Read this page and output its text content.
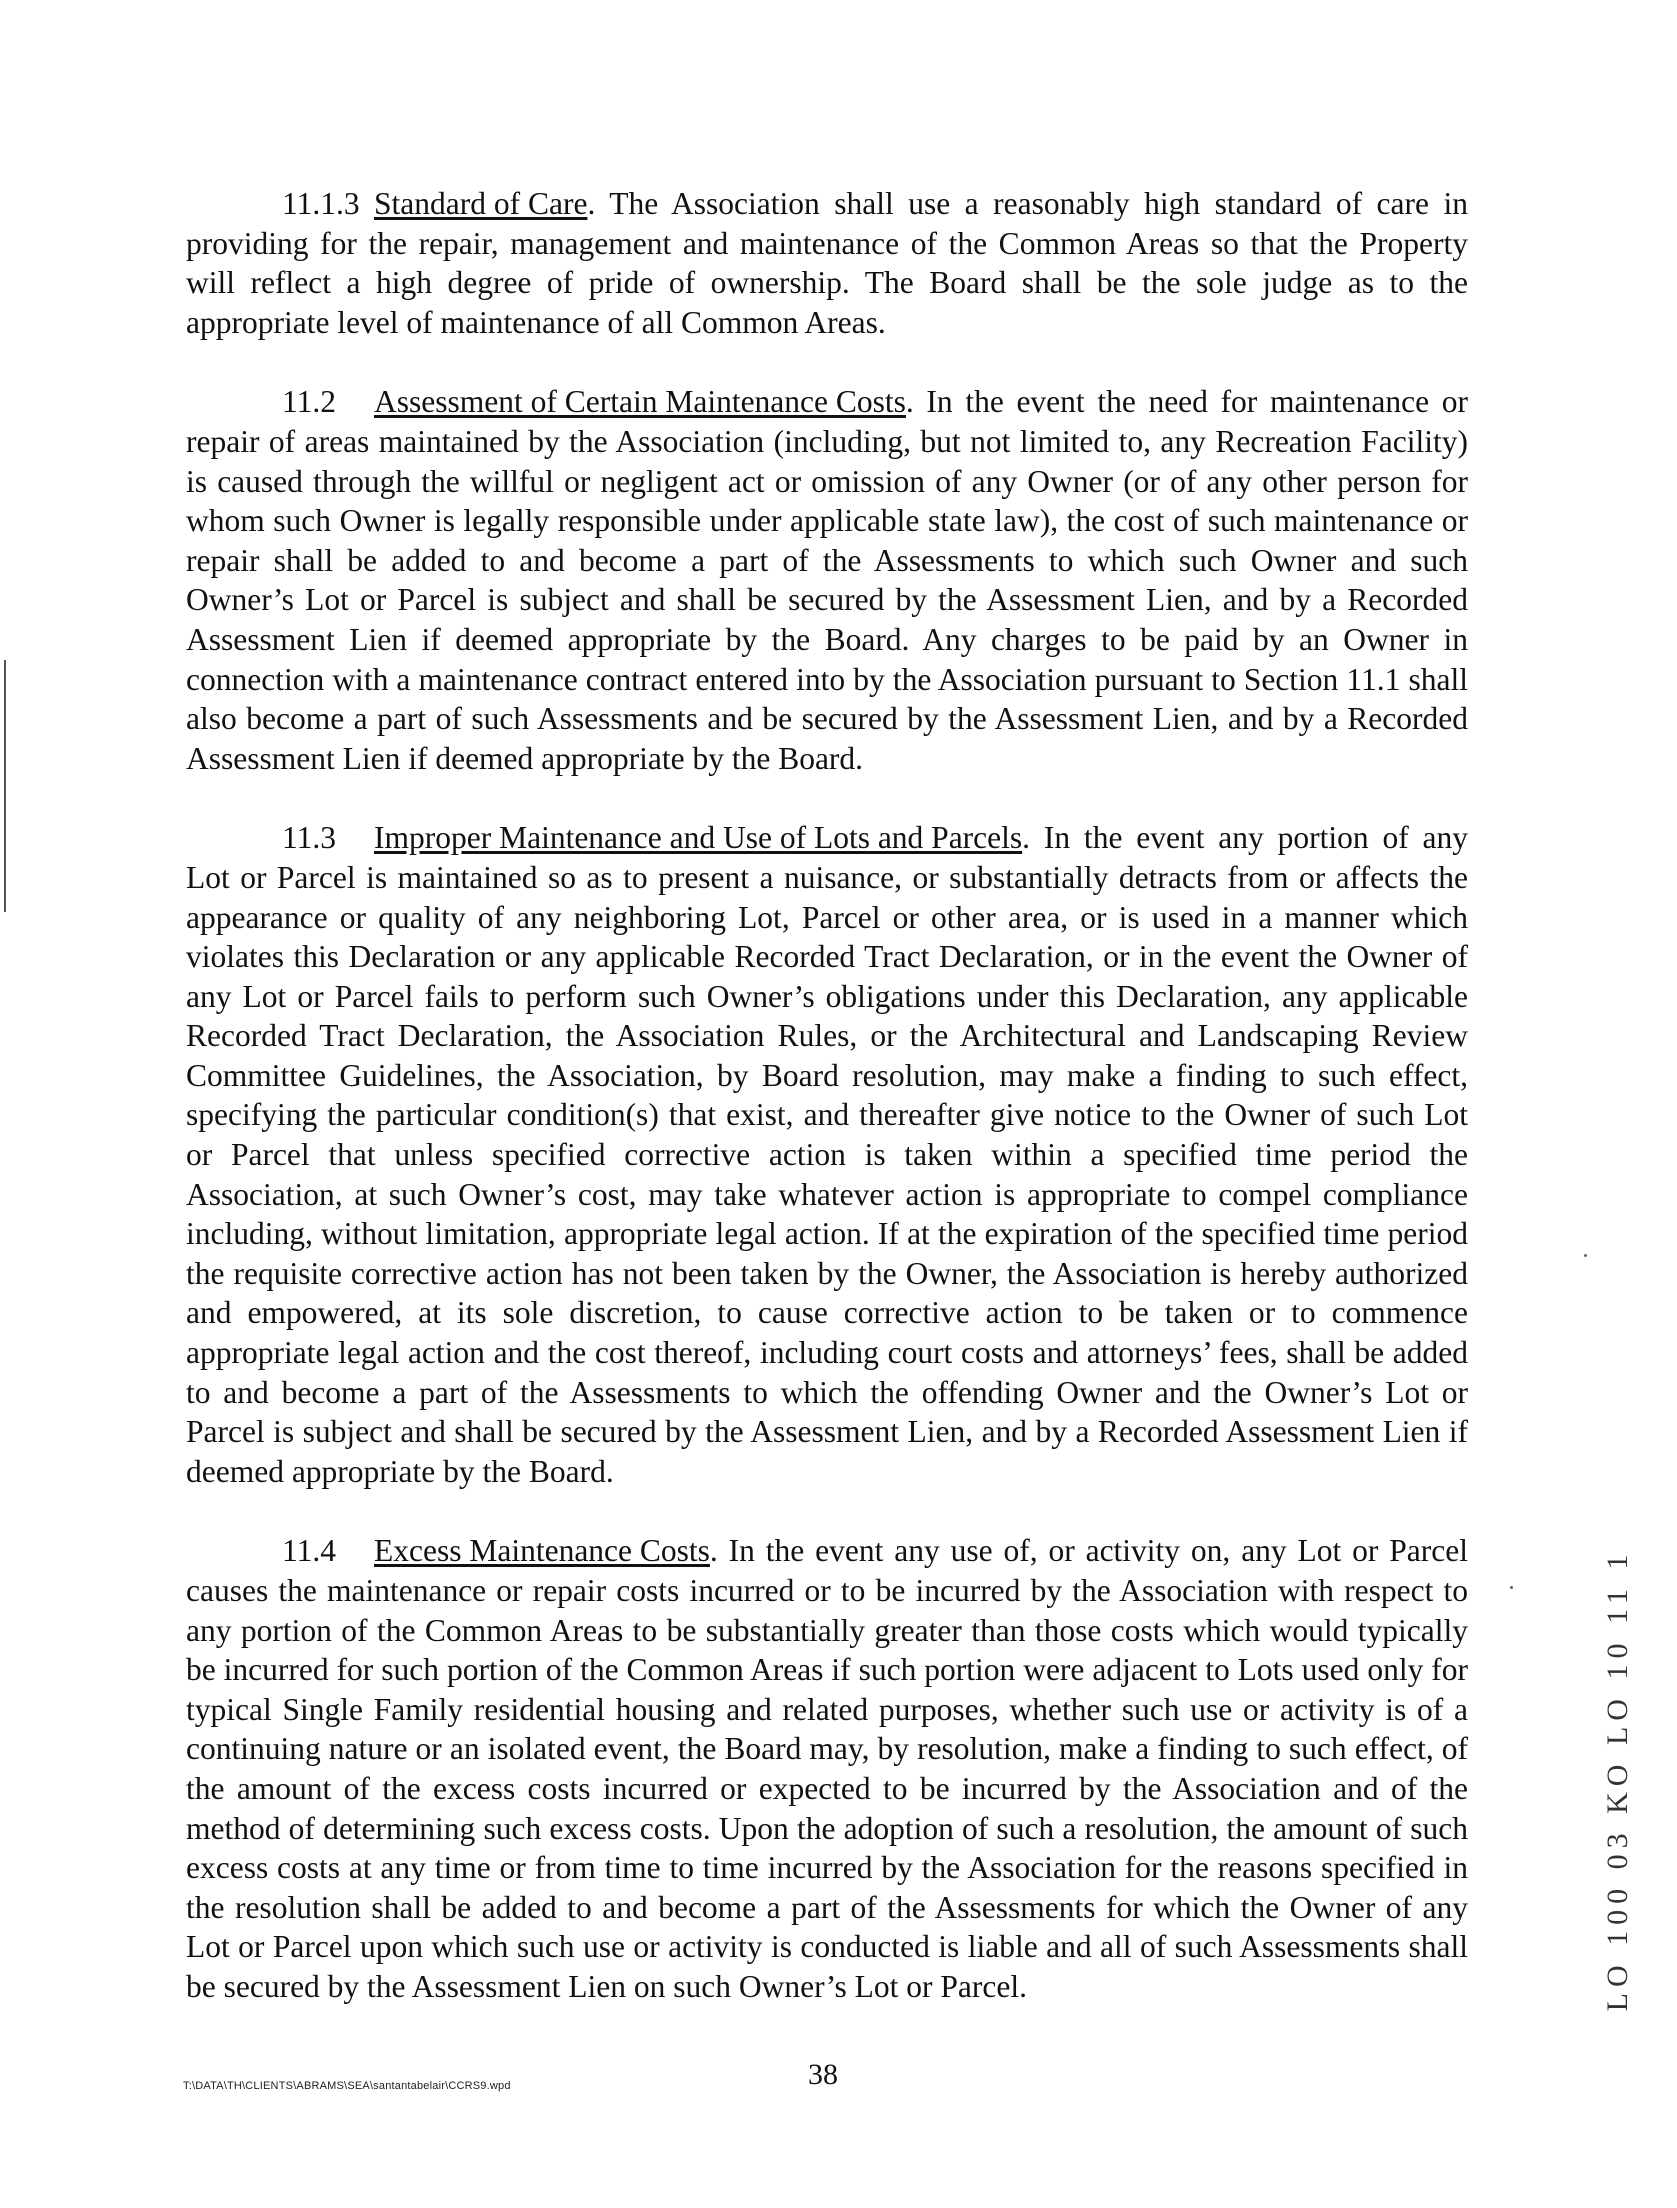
11.1.3 Standard of Care. The Association shall use a reasonably high standard of care in providing for the repair, management and maintenance of the Common Areas so that the Property will reflect a high degree of pride of ownership. The Board shall be the sole judge as to the appropriate level of maintenance of all Common Areas.

11.2 Assessment of Certain Maintenance Costs. In the event the need for maintenance or repair of areas maintained by the Association (including, but not limited to, any Recreation Facility) is caused through the willful or negligent act or omission of any Owner (or of any other person for whom such Owner is legally responsible under applicable state law), the cost of such maintenance or repair shall be added to and become a part of the Assessments to which such Owner and such Owner’s Lot or Parcel is subject and shall be secured by the Assessment Lien, and by a Recorded Assessment Lien if deemed appropriate by the Board. Any charges to be paid by an Owner in connection with a maintenance contract entered into by the Association pursuant to Section 11.1 shall also become a part of such Assessments and be secured by the Assessment Lien, and by a Recorded Assessment Lien if deemed appropriate by the Board.

11.3 Improper Maintenance and Use of Lots and Parcels. In the event any portion of any Lot or Parcel is maintained so as to present a nuisance, or substantially detracts from or affects the appearance or quality of any neighboring Lot, Parcel or other area, or is used in a manner which violates this Declaration or any applicable Recorded Tract Declaration, or in the event the Owner of any Lot or Parcel fails to perform such Owner’s obligations under this Declaration, any applicable Recorded Tract Declaration, the Association Rules, or the Architectural and Landscaping Review Committee Guidelines, the Association, by Board resolution, may make a finding to such effect, specifying the particular condition(s) that exist, and thereafter give notice to the Owner of such Lot or Parcel that unless specified corrective action is taken within a specified time period the Association, at such Owner’s cost, may take whatever action is appropriate to compel compliance including, without limitation, appropriate legal action. If at the expiration of the specified time period the requisite corrective action has not been taken by the Owner, the Association is hereby authorized and empowered, at its sole discretion, to cause corrective action to be taken or to commence appropriate legal action and the cost thereof, including court costs and attorneys’ fees, shall be added to and become a part of the Assessments to which the offending Owner and the Owner’s Lot or Parcel is subject and shall be secured by the Assessment Lien, and by a Recorded Assessment Lien if deemed appropriate by the Board.

11.4 Excess Maintenance Costs. In the event any use of, or activity on, any Lot or Parcel causes the maintenance or repair costs incurred or to be incurred by the Association with respect to any portion of the Common Areas to be substantially greater than those costs which would typically be incurred for such portion of the Common Areas if such portion were adjacent to Lots used only for typical Single Family residential housing and related purposes, whether such use or activity is of a continuing nature or an isolated event, the Board may, by resolution, make a finding to such effect, of the amount of the excess costs incurred or expected to be incurred by the Association and of the method of determining such excess costs. Upon the adoption of such a resolution, the amount of such excess costs at any time or from time to time incurred by the Association for the reasons specified in the resolution shall be added to and become a part of the Assessments for which the Owner of any Lot or Parcel upon which such use or activity is conducted is liable and all of such Assessments shall be secured by the Assessment Lien on such Owner’s Lot or Parcel.

T:\DATA\TH\CLIENTS\ABRAMS\SEA\santantabelair\CCRS9.wpd	38
LO 100 03 KO LO 10 11 1
